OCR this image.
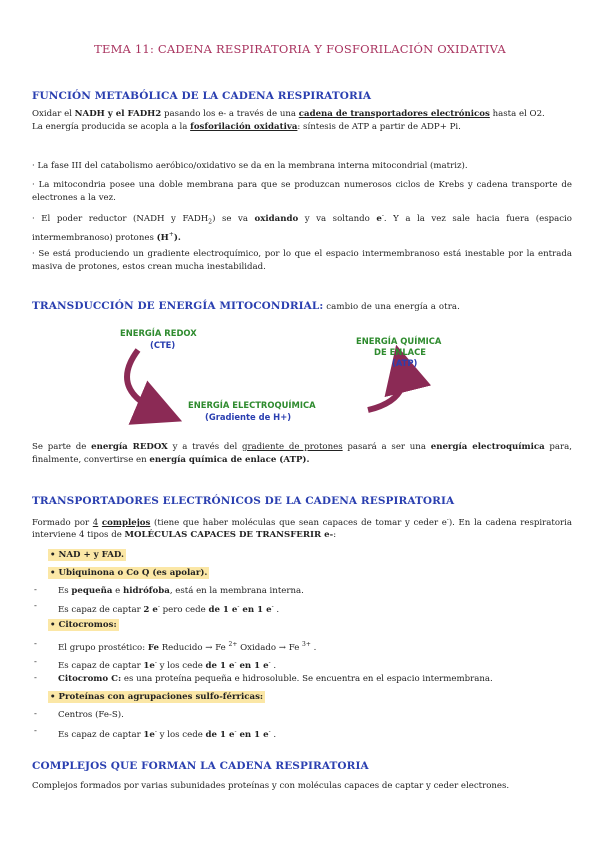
TEMA 11: CADENA RESPIRATORIA Y FOSFORILACIÓN OXIDATIVA
FUNCIÓN METABÓLICA DE LA CADENA RESPIRATORIA
Oxidar el NADH y el FADH2 pasando los e- a través de una cadena de transportadores electrónicos hasta el O2.
La energía producida se acopla a la fosforilación oxidativa: síntesis de ATP a partir de ADP+ Pi.
· La fase III del catabolismo aeróbico/oxidativo se da en la membrana interna mitocondrial (matriz).
· La mitocondria posee una doble membrana para que se produzcan numerosos ciclos de Krebs y cadena transporte de electrones a la vez.
· El poder reductor (NADH y $FADH_2$) se va oxidando y va soltando e-. Y a la vez sale hacia fuera (espacio intermembranoso) protones (H+).
· Se está produciendo un gradiente electroquímico, por lo que el espacio intermembranoso está inestable por la entrada masiva de protones, estos crean mucha inestabilidad.
TRANSDUCCIÓN DE ENERGÍA MITOCONDRIAL: cambio de una energía a otra.
ENERGÍA REDOX
(CTE)	ENERGÍA QUÍMICA
DE ENLACE
(ATP)
ENERGÍA ELECTROQUÍMICA
(Gradiente de H+)
Se parte de energía REDOX y a través del gradiente de protones pasará a ser una energía electroquímica para, finalmente, convertirse en energía química de enlace (ATP).
TRANSPORTADORES ELECTRÓNICOS DE LA CADENA RESPIRATORIA
Formado por 4 complejos (tiene que haber moléculas que sean capaces de tomar y ceder e-). En la cadena respiratoria interviene 4 tipos de MOLÉCULAS CAPACES DE TRANSFERIR e-:
• NAD + y FAD.
• Ubiquinona o Co Q (es apolar).
- Es pequeña e hidrófoba, está en la membrana interna.
- Es capaz de captar 2 e- pero cede de 1 e- en 1 e- .
• Citocromos:
- El grupo prostético: Fe Reducido → Fe $^{2+}$ Oxidado → Fe $^{3+}$ .
- Es capaz de captar 1e- y los cede de 1 e- en 1 e- .
- Citocromo C: es una proteína pequeña e hidrosoluble. Se encuentra en el espacio intermembrana.
• Proteínas con agrupaciones sulfo-férricas:
- Centros (Fe-S).
- Es capaz de captar 1e- y los cede de 1 e- en 1 e- .
COMPLEJOS QUE FORMAN LA CADENA RESPIRATORIA
Complejos formados por varias subunidades proteínas y con moléculas capaces de captar y ceder electrones.
